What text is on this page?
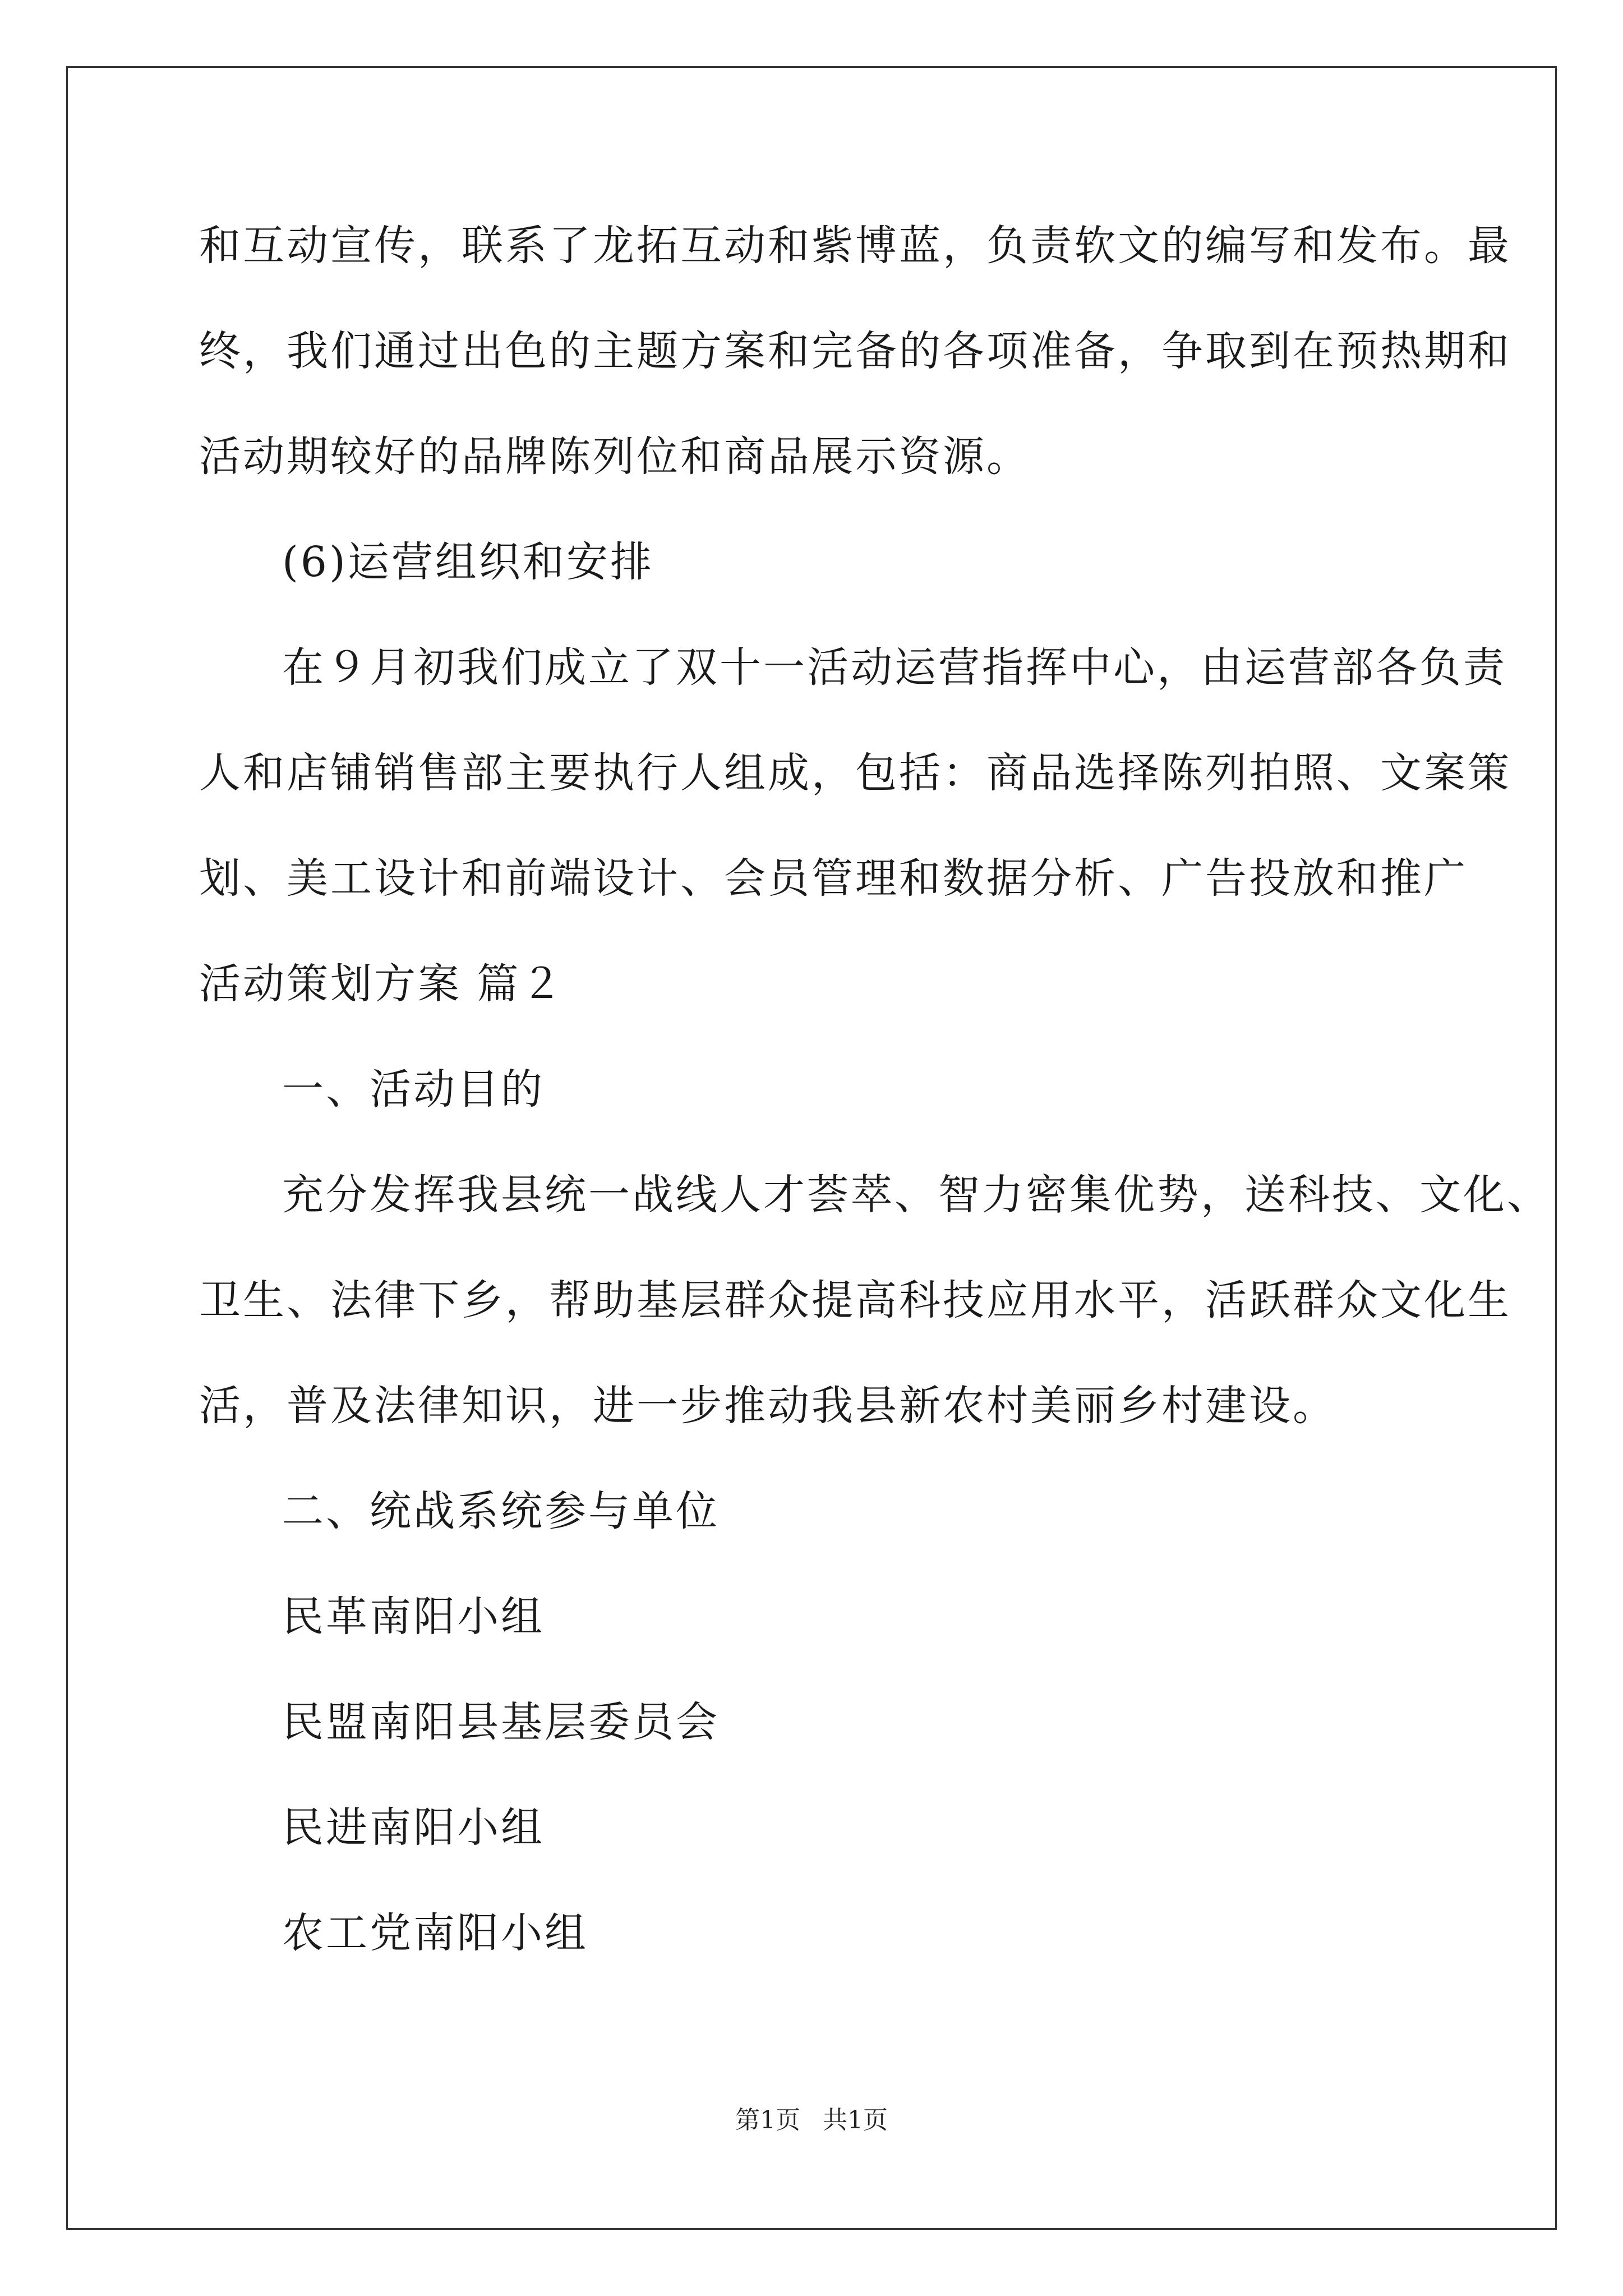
和互动宣传，联系了龙拓互动和紫博蓝，负责软文的编写和发布。最
终，我们通过出色的主题方案和完备的各项准备，争取到在预热期和
活动期较好的品牌陈列位和商品展示资源。
(6)运营组织和安排
在９月初我们成立了双十一活动运营指挥中心，由运营部各负责
人和店铺销售部主要执行人组成，包括：商品选择陈列拍照、文案策
划、美工设计和前端设计、会员管理和数据分析、广告投放和推广
活动策划方案 篇２
一、活动目的
充分发挥我县统一战线人才荟萃、智力密集优势，送科技、文化、
卫生、法律下乡，帮助基层群众提高科技应用水平，活跃群众文化生
活，普及法律知识，进一步推动我县新农村美丽乡村建设。
二、统战系统参与单位
民革南阳小组
民盟南阳县基层委员会
民进南阳小组
农工党南阳小组
第1页 共1页
